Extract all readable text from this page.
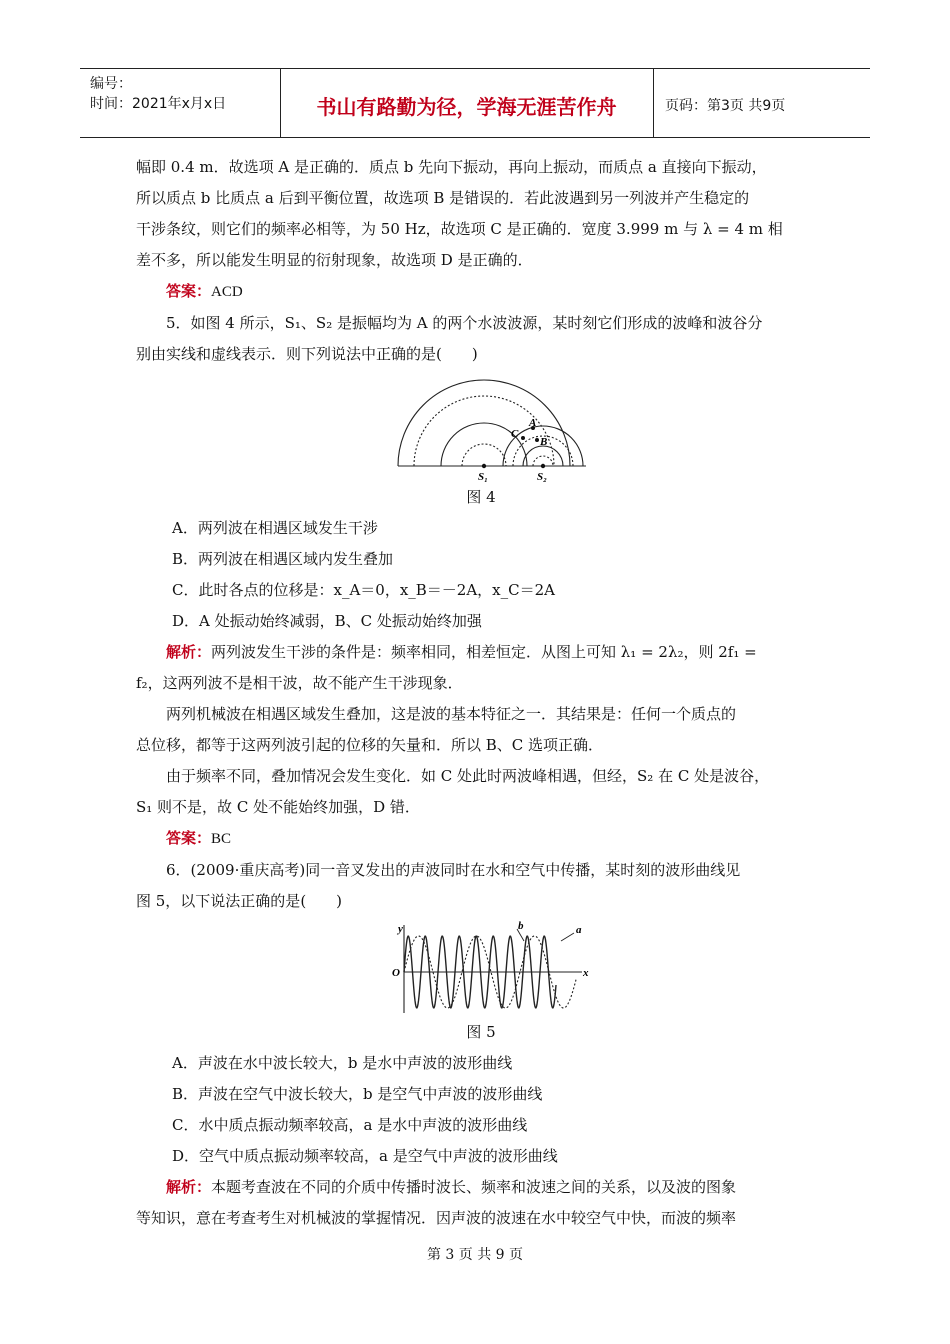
编号：
时间：2021年x月x日	书山有路勤为径，学海无涯苦作舟	页码：第3页 共9页

幅即 0.4 m．故选项 A 是正确的．质点 b 先向下振动，再向上振动，而质点 a 直接向下振动，

所以质点 b 比质点 a 后到平衡位置，故选项 B 是错误的．若此波遇到另一列波并产生稳定的

干涉条纹，则它们的频率必相等，为 50 Hz，故选项 C 是正确的．宽度 3.999 m 与 λ = 4 m 相

差不多，所以能发生明显的衍射现象，故选项 D 是正确的．

答案：ACD

5．如图 4 所示，S₁、S₂ 是振幅均为 A 的两个水波波源，某时刻它们形成的波峰和波谷分

别由实线和虚线表示．则下列说法中正确的是(　　)

A
B
C
S₁	S₂

图 4

A．两列波在相遇区域发生干涉

B．两列波在相遇区域内发生叠加

C．此时各点的位移是：x_A＝0，x_B＝－2A，x_C＝2A

D．A 处振动始终减弱，B、C 处振动始终加强

解析：两列波发生干涉的条件是：频率相同，相差恒定．从图上可知 λ₁ = 2λ₂，则 2f₁ =

f₂，这两列波不是相干波，故不能产生干涉现象．

两列机械波在相遇区域发生叠加，这是波的基本特征之一．其结果是：任何一个质点的

总位移，都等于这两列波引起的位移的矢量和．所以 B、C 选项正确．

由于频率不同，叠加情况会发生变化．如 C 处此时两波峰相遇，但经，S₂ 在 C 处是波谷，

S₁ 则不是，故 C 处不能始终加强，D 错．

答案：BC

6．(2009·重庆高考)同一音叉发出的声波同时在水和空气中传播，某时刻的波形曲线见

图 5，以下说法正确的是(　　)

y
O	x
b	a

图 5

A．声波在水中波长较大，b 是水中声波的波形曲线

B．声波在空气中波长较大，b 是空气中声波的波形曲线

C．水中质点振动频率较高，a 是水中声波的波形曲线

D．空气中质点振动频率较高，a 是空气中声波的波形曲线

解析：本题考查波在不同的介质中传播时波长、频率和波速之间的关系，以及波的图象

等知识，意在考查考生对机械波的掌握情况．因声波的波速在水中较空气中快，而波的频率

第 3 页 共 9 页
